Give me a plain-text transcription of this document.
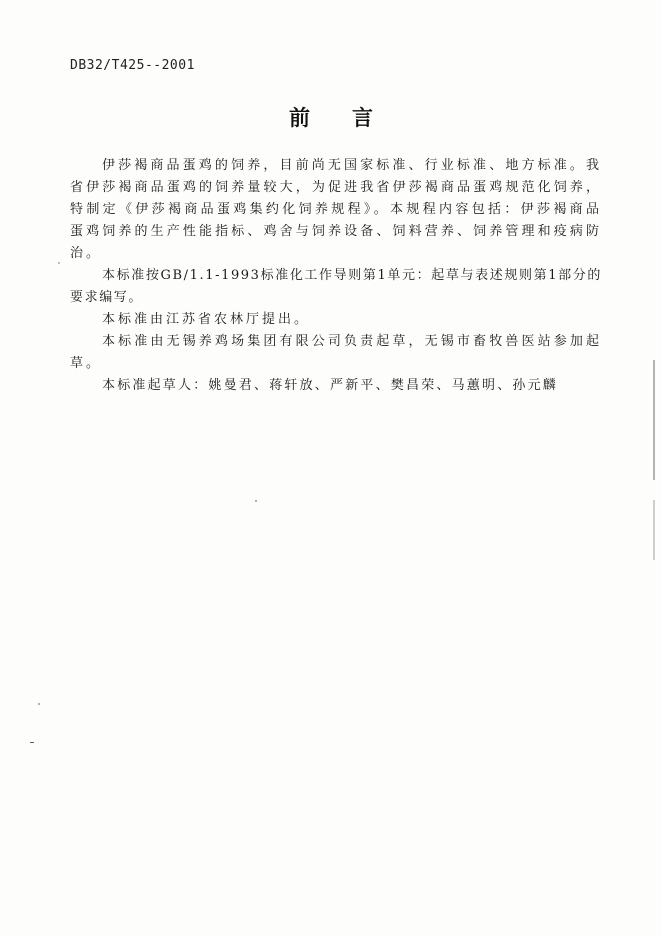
DB32/T425--2001
前言

伊莎褐商品蛋鸡的饲养，目前尚无国家标准、行业标准、地方标准。我省伊莎褐商品蛋鸡的饲养量较大，为促进我省伊莎褐商品蛋鸡规范化饲养，特制定《伊莎褐商品蛋鸡集约化饲养规程》。本规程内容包括：伊莎褐商品蛋鸡饲养的生产性能指标、鸡舍与饲养设备、饲料营养、饲养管理和疫病防治。

本标准按GB/1.1-1993标准化工作导则第1单元：起草与表述规则第1部分的要求编写。

本标准由江苏省农林厅提出。

本标准由无锡养鸡场集团有限公司负责起草，无锡市畜牧兽医站参加起草。

本标准起草人：姚曼君、蒋轩放、严新平、樊昌荣、马蕙明、孙元麟
